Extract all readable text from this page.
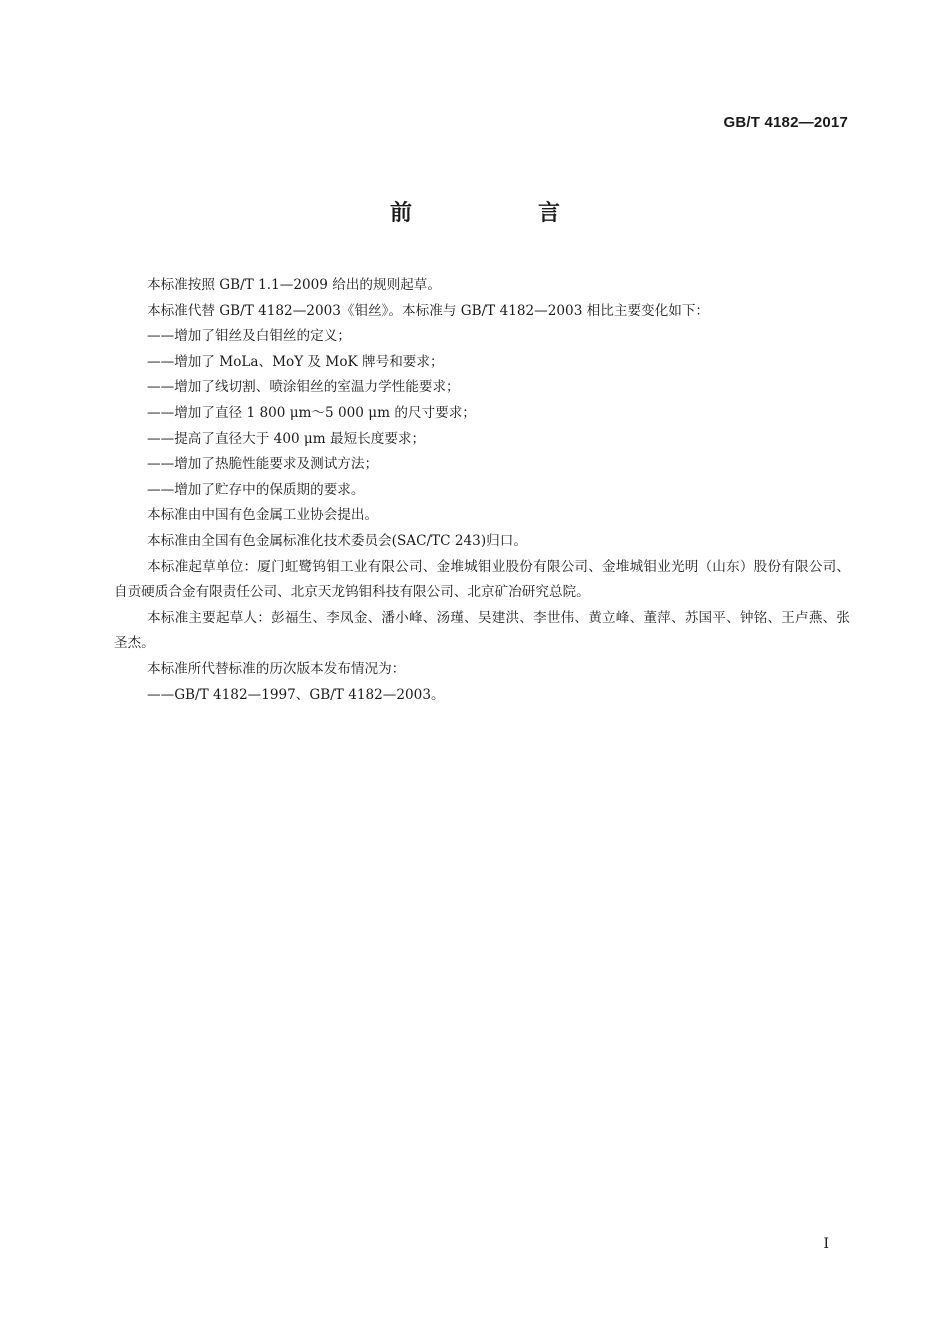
GB/T 4182—2017
前　言

本标准按照 GB/T 1.1—2009 给出的规则起草。

本标准代替 GB/T 4182—2003《钼丝》。本标准与 GB/T 4182—2003 相比主要变化如下：

——增加了钼丝及白钼丝的定义；

——增加了 MoLa、MoY 及 MoK 牌号和要求；

——增加了线切割、喷涂钼丝的室温力学性能要求；

——增加了直径 1 800 μm～5 000 μm 的尺寸要求；

——提高了直径大于 400 μm 最短长度要求；

——增加了热脆性能要求及测试方法；

——增加了贮存中的保质期的要求。

本标准由中国有色金属工业协会提出。

本标准由全国有色金属标准化技术委员会(SAC/TC 243)归口。

本标准起草单位：厦门虹鹭钨钼工业有限公司、金堆城钼业股份有限公司、金堆城钼业光明（山东）股份有限公司、自贡硬质合金有限责任公司、北京天龙钨钼科技有限公司、北京矿冶研究总院。

本标准主要起草人：彭福生、李凤金、潘小峰、汤瑾、吴建洪、李世伟、黄立峰、董萍、苏国平、钟铭、王卢燕、张圣杰。

本标准所代替标准的历次版本发布情况为：

——GB/T 4182—1997、GB/T 4182—2003。

I
